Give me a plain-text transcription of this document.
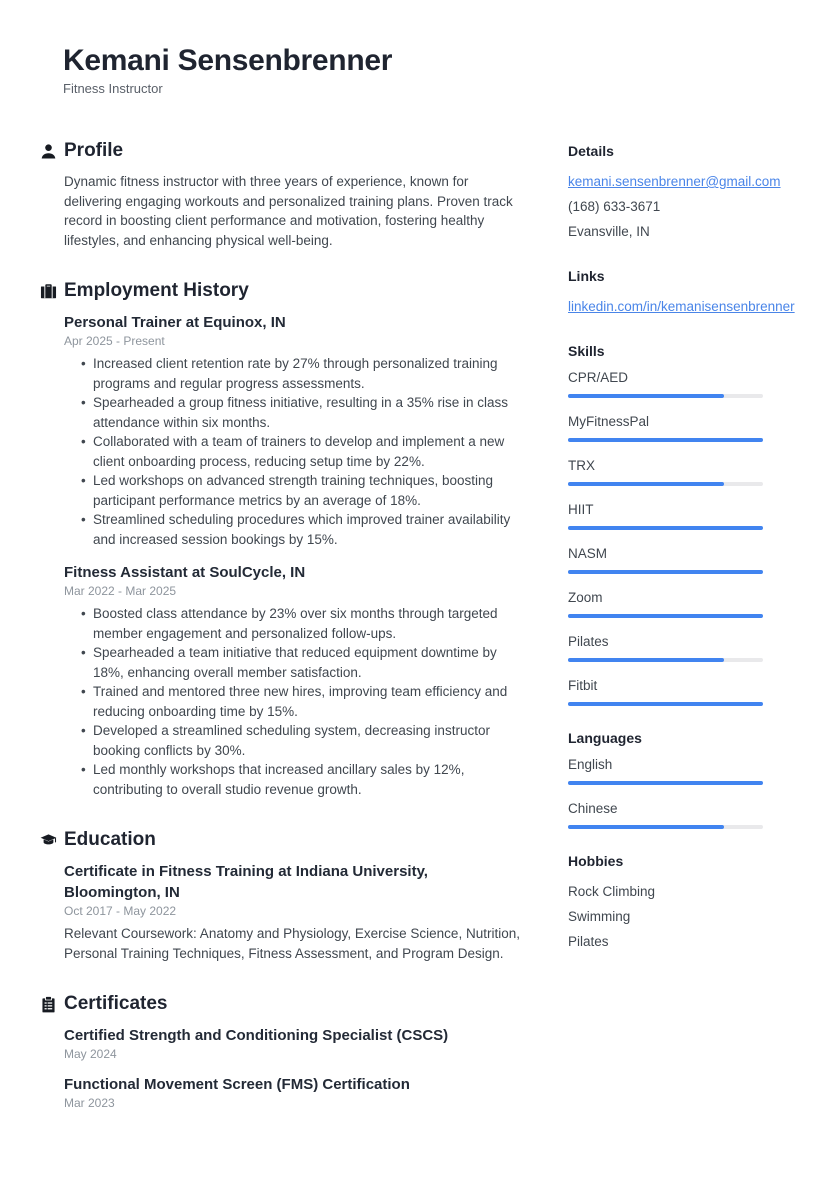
Kemani Sensenbrenner
Fitness Instructor
Profile

Dynamic fitness instructor with three years of experience, known for delivering engaging workouts and personalized training plans. Proven track record in boosting client performance and motivation, fostering healthy lifestyles, and enhancing physical well-being.

Employment History
Personal Trainer at Equinox, IN
Apr 2025 - Present
• Increased client retention rate by 27% through personalized training programs and regular progress assessments.
• Spearheaded a group fitness initiative, resulting in a 35% rise in class attendance within six months.
• Collaborated with a team of trainers to develop and implement a new client onboarding process, reducing setup time by 22%.
• Led workshops on advanced strength training techniques, boosting participant performance metrics by an average of 18%.
• Streamlined scheduling procedures which improved trainer availability and increased session bookings by 15%.
Fitness Assistant at SoulCycle, IN
Mar 2022 - Mar 2025
• Boosted class attendance by 23% over six months through targeted member engagement and personalized follow-ups.
• Spearheaded a team initiative that reduced equipment downtime by 18%, enhancing overall member satisfaction.
• Trained and mentored three new hires, improving team efficiency and reducing onboarding time by 15%.
• Developed a streamlined scheduling system, decreasing instructor booking conflicts by 30%.
• Led monthly workshops that increased ancillary sales by 12%, contributing to overall studio revenue growth.
Education
Certificate in Fitness Training at Indiana University, Bloomington, IN
Oct 2017 - May 2022

Relevant Coursework: Anatomy and Physiology, Exercise Science, Nutrition, Personal Training Techniques, Fitness Assessment, and Program Design.

Certificates
Certified Strength and Conditioning Specialist (CSCS)
May 2024
Functional Movement Screen (FMS) Certification
Mar 2023
Details
kemani.sensenbrenner@gmail.com
(168) 633-3671
Evansville, IN
Links
linkedin.com/in/kemanisensenbrenner
Skills
CPR/AED
MyFitnessPal
TRX
HIIT
NASM
Zoom
Pilates
Fitbit
Languages
English
Chinese
Hobbies
Rock Climbing
Swimming
Pilates
